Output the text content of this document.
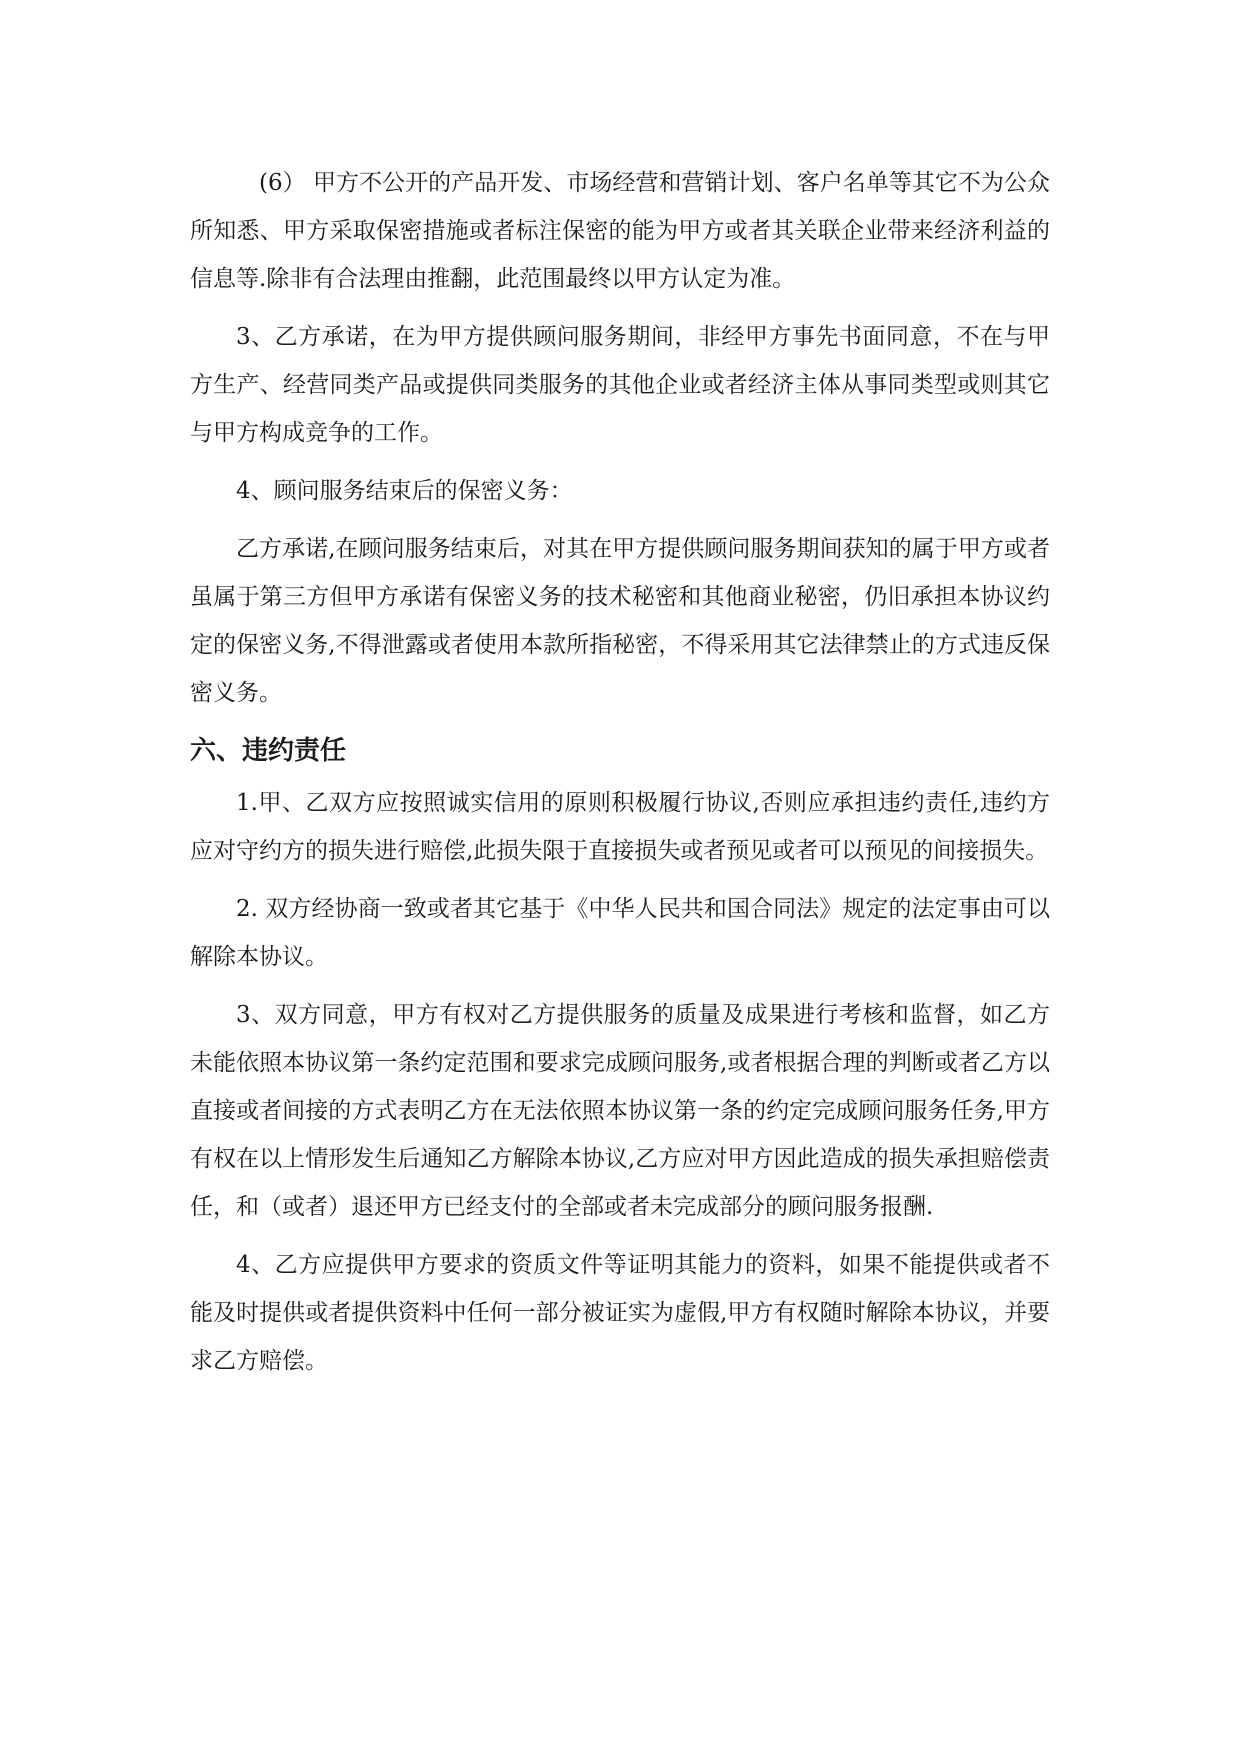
(6） 甲方不公开的产品开发、市场经营和营销计划、客户名单等其它不为公众所知悉、甲方采取保密措施或者标注保密的能为甲方或者其关联企业带来经济利益的信息等.除非有合法理由推翻，此范围最终以甲方认定为准。

3、乙方承诺，在为甲方提供顾问服务期间，非经甲方事先书面同意，不在与甲方生产、经营同类产品或提供同类服务的其他企业或者经济主体从事同类型或则其它与甲方构成竞争的工作。

4、顾问服务结束后的保密义务：

乙方承诺,在顾问服务结束后，对其在甲方提供顾问服务期间获知的属于甲方或者虽属于第三方但甲方承诺有保密义务的技术秘密和其他商业秘密，仍旧承担本协议约定的保密义务,不得泄露或者使用本款所指秘密，不得采用其它法律禁止的方式违反保密义务。

六、违约责任

1.甲、乙双方应按照诚实信用的原则积极履行协议,否则应承担违约责任,违约方应对守约方的损失进行赔偿,此损失限于直接损失或者预见或者可以预见的间接损失。

2. 双方经协商一致或者其它基于《中华人民共和国合同法》规定的法定事由可以解除本协议。

3、双方同意，甲方有权对乙方提供服务的质量及成果进行考核和监督，如乙方未能依照本协议第一条约定范围和要求完成顾问服务,或者根据合理的判断或者乙方以直接或者间接的方式表明乙方在无法依照本协议第一条的约定完成顾问服务任务,甲方有权在以上情形发生后通知乙方解除本协议,乙方应对甲方因此造成的损失承担赔偿责任，和（或者）退还甲方已经支付的全部或者未完成部分的顾问服务报酬.

4、乙方应提供甲方要求的资质文件等证明其能力的资料，如果不能提供或者不能及时提供或者提供资料中任何一部分被证实为虚假,甲方有权随时解除本协议，并要求乙方赔偿。
